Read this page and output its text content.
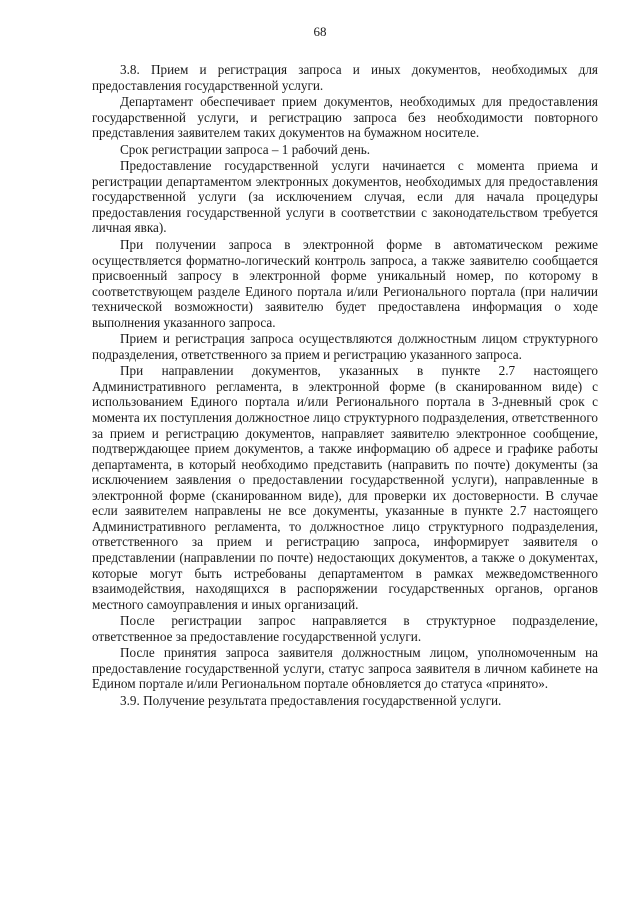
68

3.8. Прием и регистрация запроса и иных документов, необходимых для предоставления государственной услуги.

Департамент обеспечивает прием документов, необходимых для предоставления государственной услуги, и регистрацию запроса без необходимости повторного представления заявителем таких документов на бумажном носителе.

Срок регистрации запроса – 1 рабочий день.

Предоставление государственной услуги начинается с момента приема и регистрации департаментом электронных документов, необходимых для предоставления государственной услуги (за исключением случая, если для начала процедуры предоставления государственной услуги в соответствии с законодательством требуется личная явка).

При получении запроса в электронной форме в автоматическом режиме осуществляется форматно-логический контроль запроса, а также заявителю сообщается присвоенный запросу в электронной форме уникальный номер, по которому в соответствующем разделе Единого портала и/или Регионального портала (при наличии технической возможности) заявителю будет предоставлена информация о ходе выполнения указанного запроса.

Прием и регистрация запроса осуществляются должностным лицом структурного подразделения, ответственного за прием и регистрацию указанного запроса.

При направлении документов, указанных в пункте 2.7 настоящего Административного регламента, в электронной форме (в сканированном виде) с использованием Единого портала и/или Регионального портала в 3-дневный срок с момента их поступления должностное лицо структурного подразделения, ответственного за прием и регистрацию документов, направляет заявителю электронное сообщение, подтверждающее прием документов, а также информацию об адресе и графике работы департамента, в который необходимо представить (направить по почте) документы (за исключением заявления о предоставлении государственной услуги), направленные в электронной форме (сканированном виде), для проверки их достоверности. В случае если заявителем направлены не все документы, указанные в пункте 2.7 настоящего Административного регламента, то должностное лицо структурного подразделения, ответственного за прием и регистрацию запроса, информирует заявителя о представлении (направлении по почте) недостающих документов, а также о документах, которые могут быть истребованы департаментом в рамках межведомственного взаимодействия, находящихся в распоряжении государственных органов, органов местного самоуправления и иных организаций.

После регистрации запрос направляется в структурное подразделение, ответственное за предоставление государственной услуги.

После принятия запроса заявителя должностным лицом, уполномоченным на предоставление государственной услуги, статус запроса заявителя в личном кабинете на Едином портале и/или Региональном портале обновляется до статуса «принято».

3.9. Получение результата предоставления государственной услуги.
